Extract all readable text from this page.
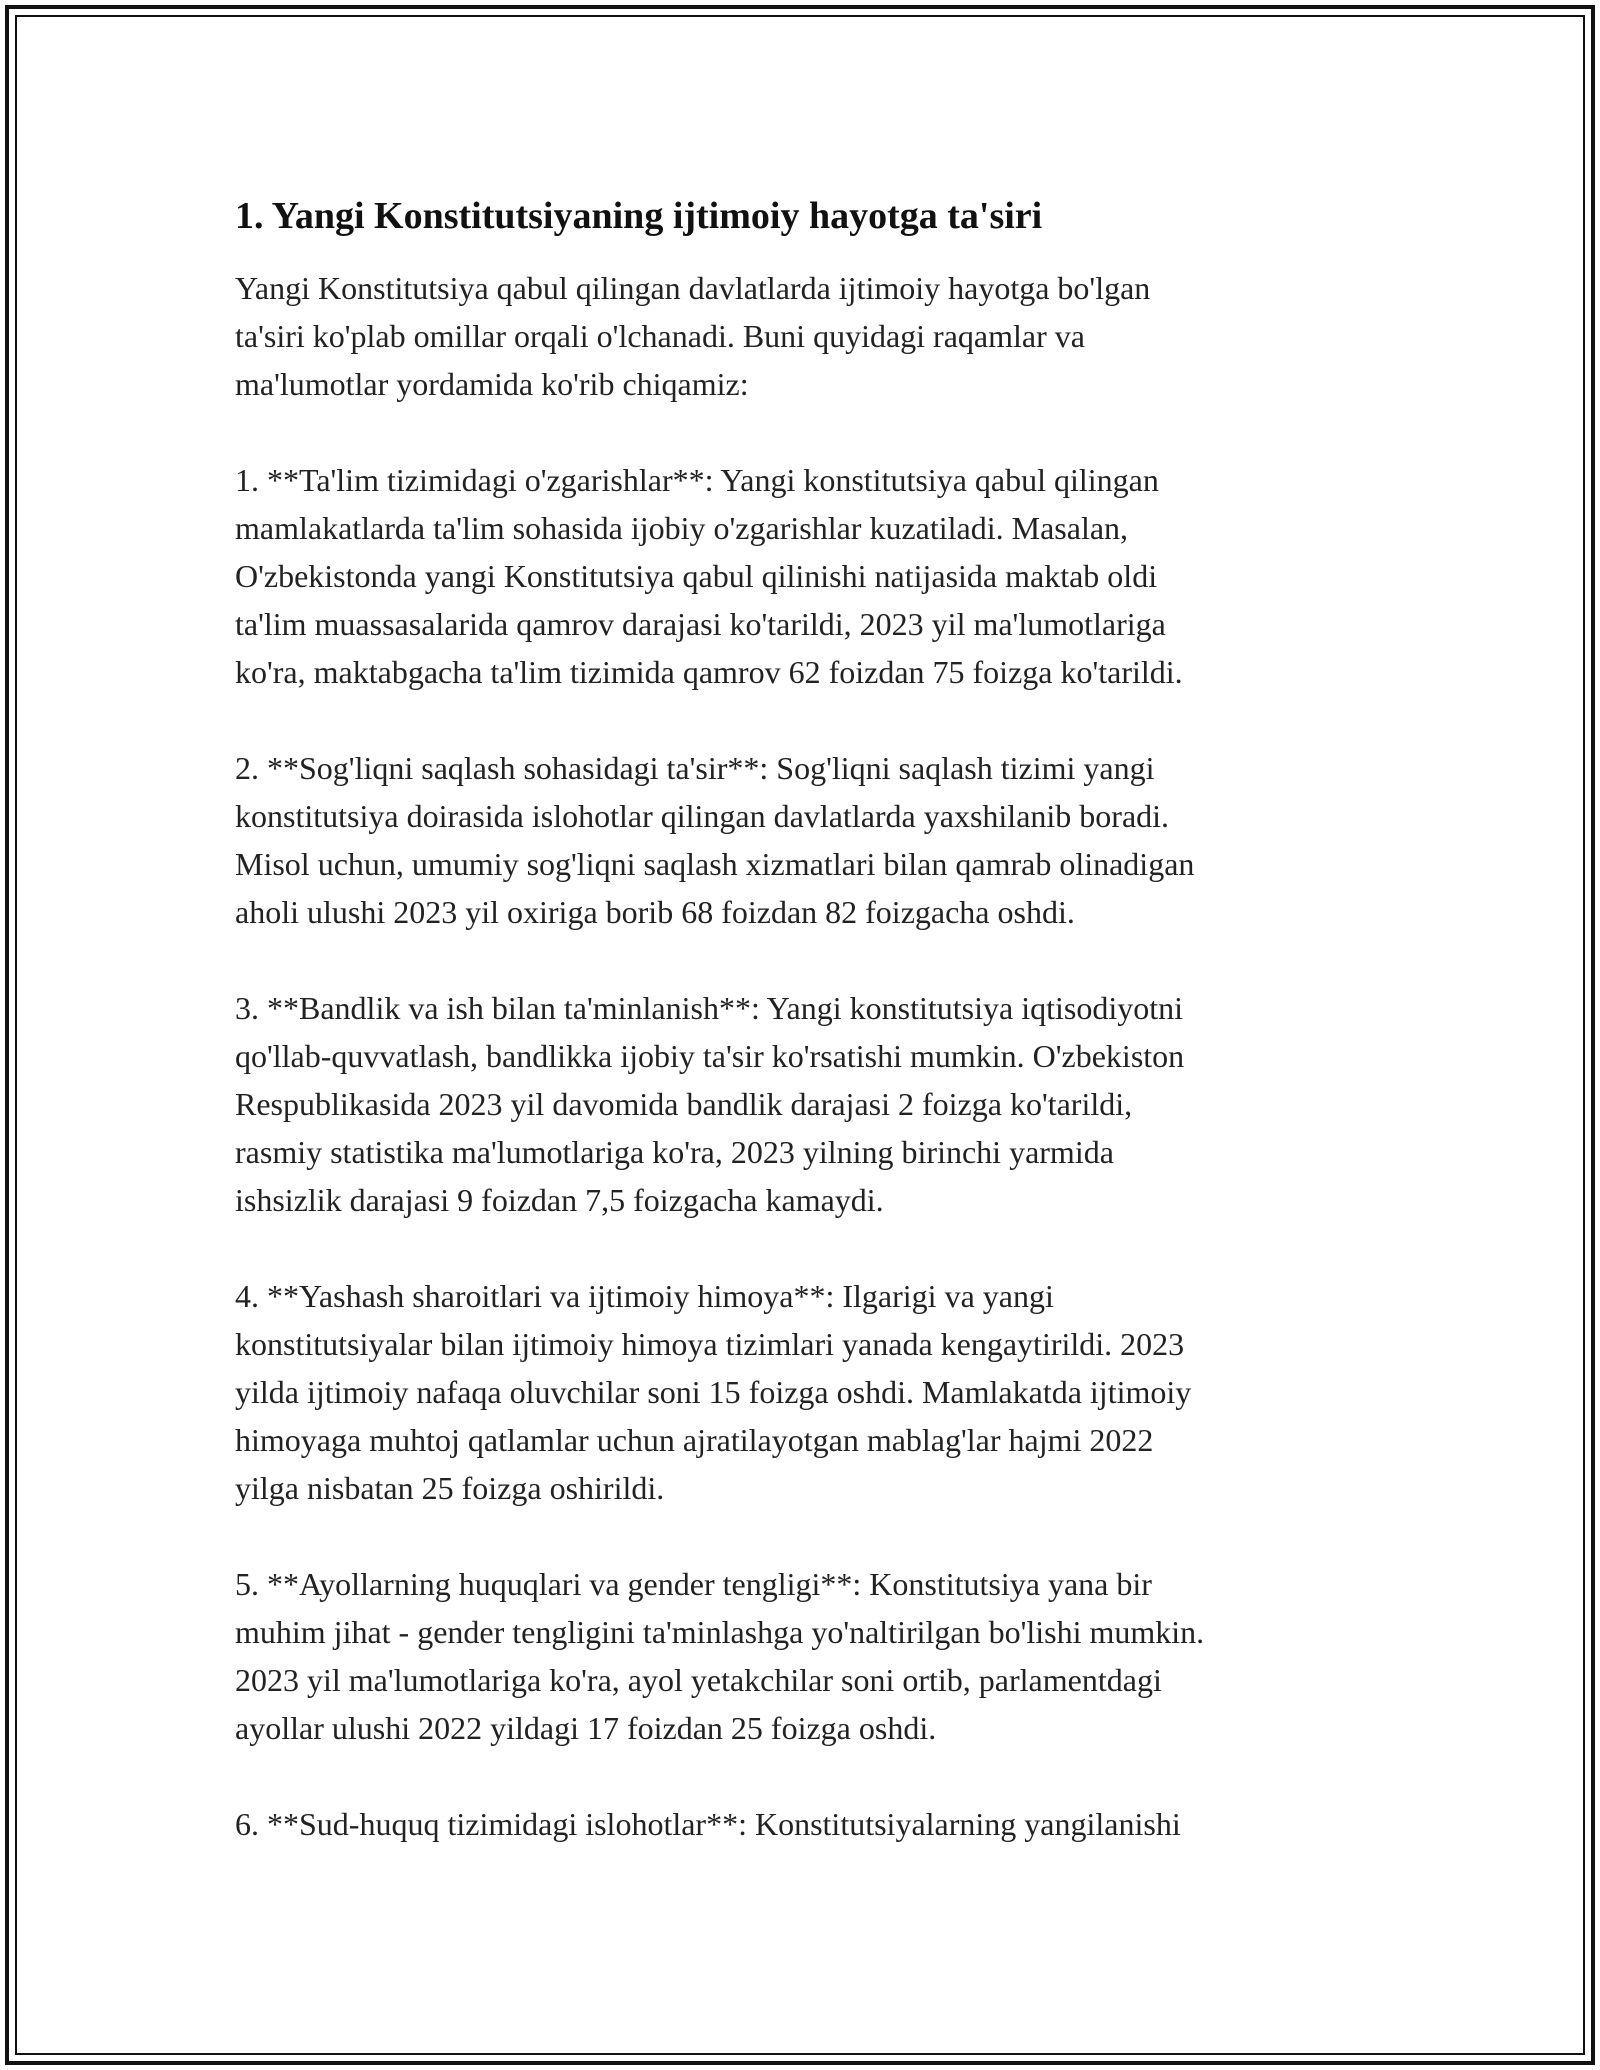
1. Yangi Konstitutsiyaning ijtimoiy hayotga ta'siri

Yangi Konstitutsiya qabul qilingan davlatlarda ijtimoiy hayotga bo'lgan
ta'siri ko'plab omillar orqali o'lchanadi. Buni quyidagi raqamlar va
ma'lumotlar yordamida ko'rib chiqamiz:

1. **Ta'lim tizimidagi o'zgarishlar**: Yangi konstitutsiya qabul qilingan
mamlakatlarda ta'lim sohasida ijobiy o'zgarishlar kuzatiladi. Masalan,
O'zbekistonda yangi Konstitutsiya qabul qilinishi natijasida maktab oldi
ta'lim muassasalarida qamrov darajasi ko'tarildi, 2023 yil ma'lumotlariga
ko'ra, maktabgacha ta'lim tizimida qamrov 62 foizdan 75 foizga ko'tarildi.

2. **Sog'liqni saqlash sohasidagi ta'sir**: Sog'liqni saqlash tizimi yangi
konstitutsiya doirasida islohotlar qilingan davlatlarda yaxshilanib boradi.
Misol uchun, umumiy sog'liqni saqlash xizmatlari bilan qamrab olinadigan
aholi ulushi 2023 yil oxiriga borib 68 foizdan 82 foizgacha oshdi.

3. **Bandlik va ish bilan ta'minlanish**: Yangi konstitutsiya iqtisodiyotni
qo'llab-quvvatlash, bandlikka ijobiy ta'sir ko'rsatishi mumkin. O'zbekiston
Respublikasida 2023 yil davomida bandlik darajasi 2 foizga ko'tarildi,
rasmiy statistika ma'lumotlariga ko'ra, 2023 yilning birinchi yarmida
ishsizlik darajasi 9 foizdan 7,5 foizgacha kamaydi.

4. **Yashash sharoitlari va ijtimoiy himoya**: Ilgarigi va yangi
konstitutsiyalar bilan ijtimoiy himoya tizimlari yanada kengaytirildi. 2023
yilda ijtimoiy nafaqa oluvchilar soni 15 foizga oshdi. Mamlakatda ijtimoiy
himoyaga muhtoj qatlamlar uchun ajratilayotgan mablag'lar hajmi 2022
yilga nisbatan 25 foizga oshirildi.

5. **Ayollarning huquqlari va gender tengligi**: Konstitutsiya yana bir
muhim jihat - gender tengligini ta'minlashga yo'naltirilgan bo'lishi mumkin.
2023 yil ma'lumotlariga ko'ra, ayol yetakchilar soni ortib, parlamentdagi
ayollar ulushi 2022 yildagi 17 foizdan 25 foizga oshdi.

6. **Sud-huquq tizimidagi islohotlar**: Konstitutsiyalarning yangilanishi
